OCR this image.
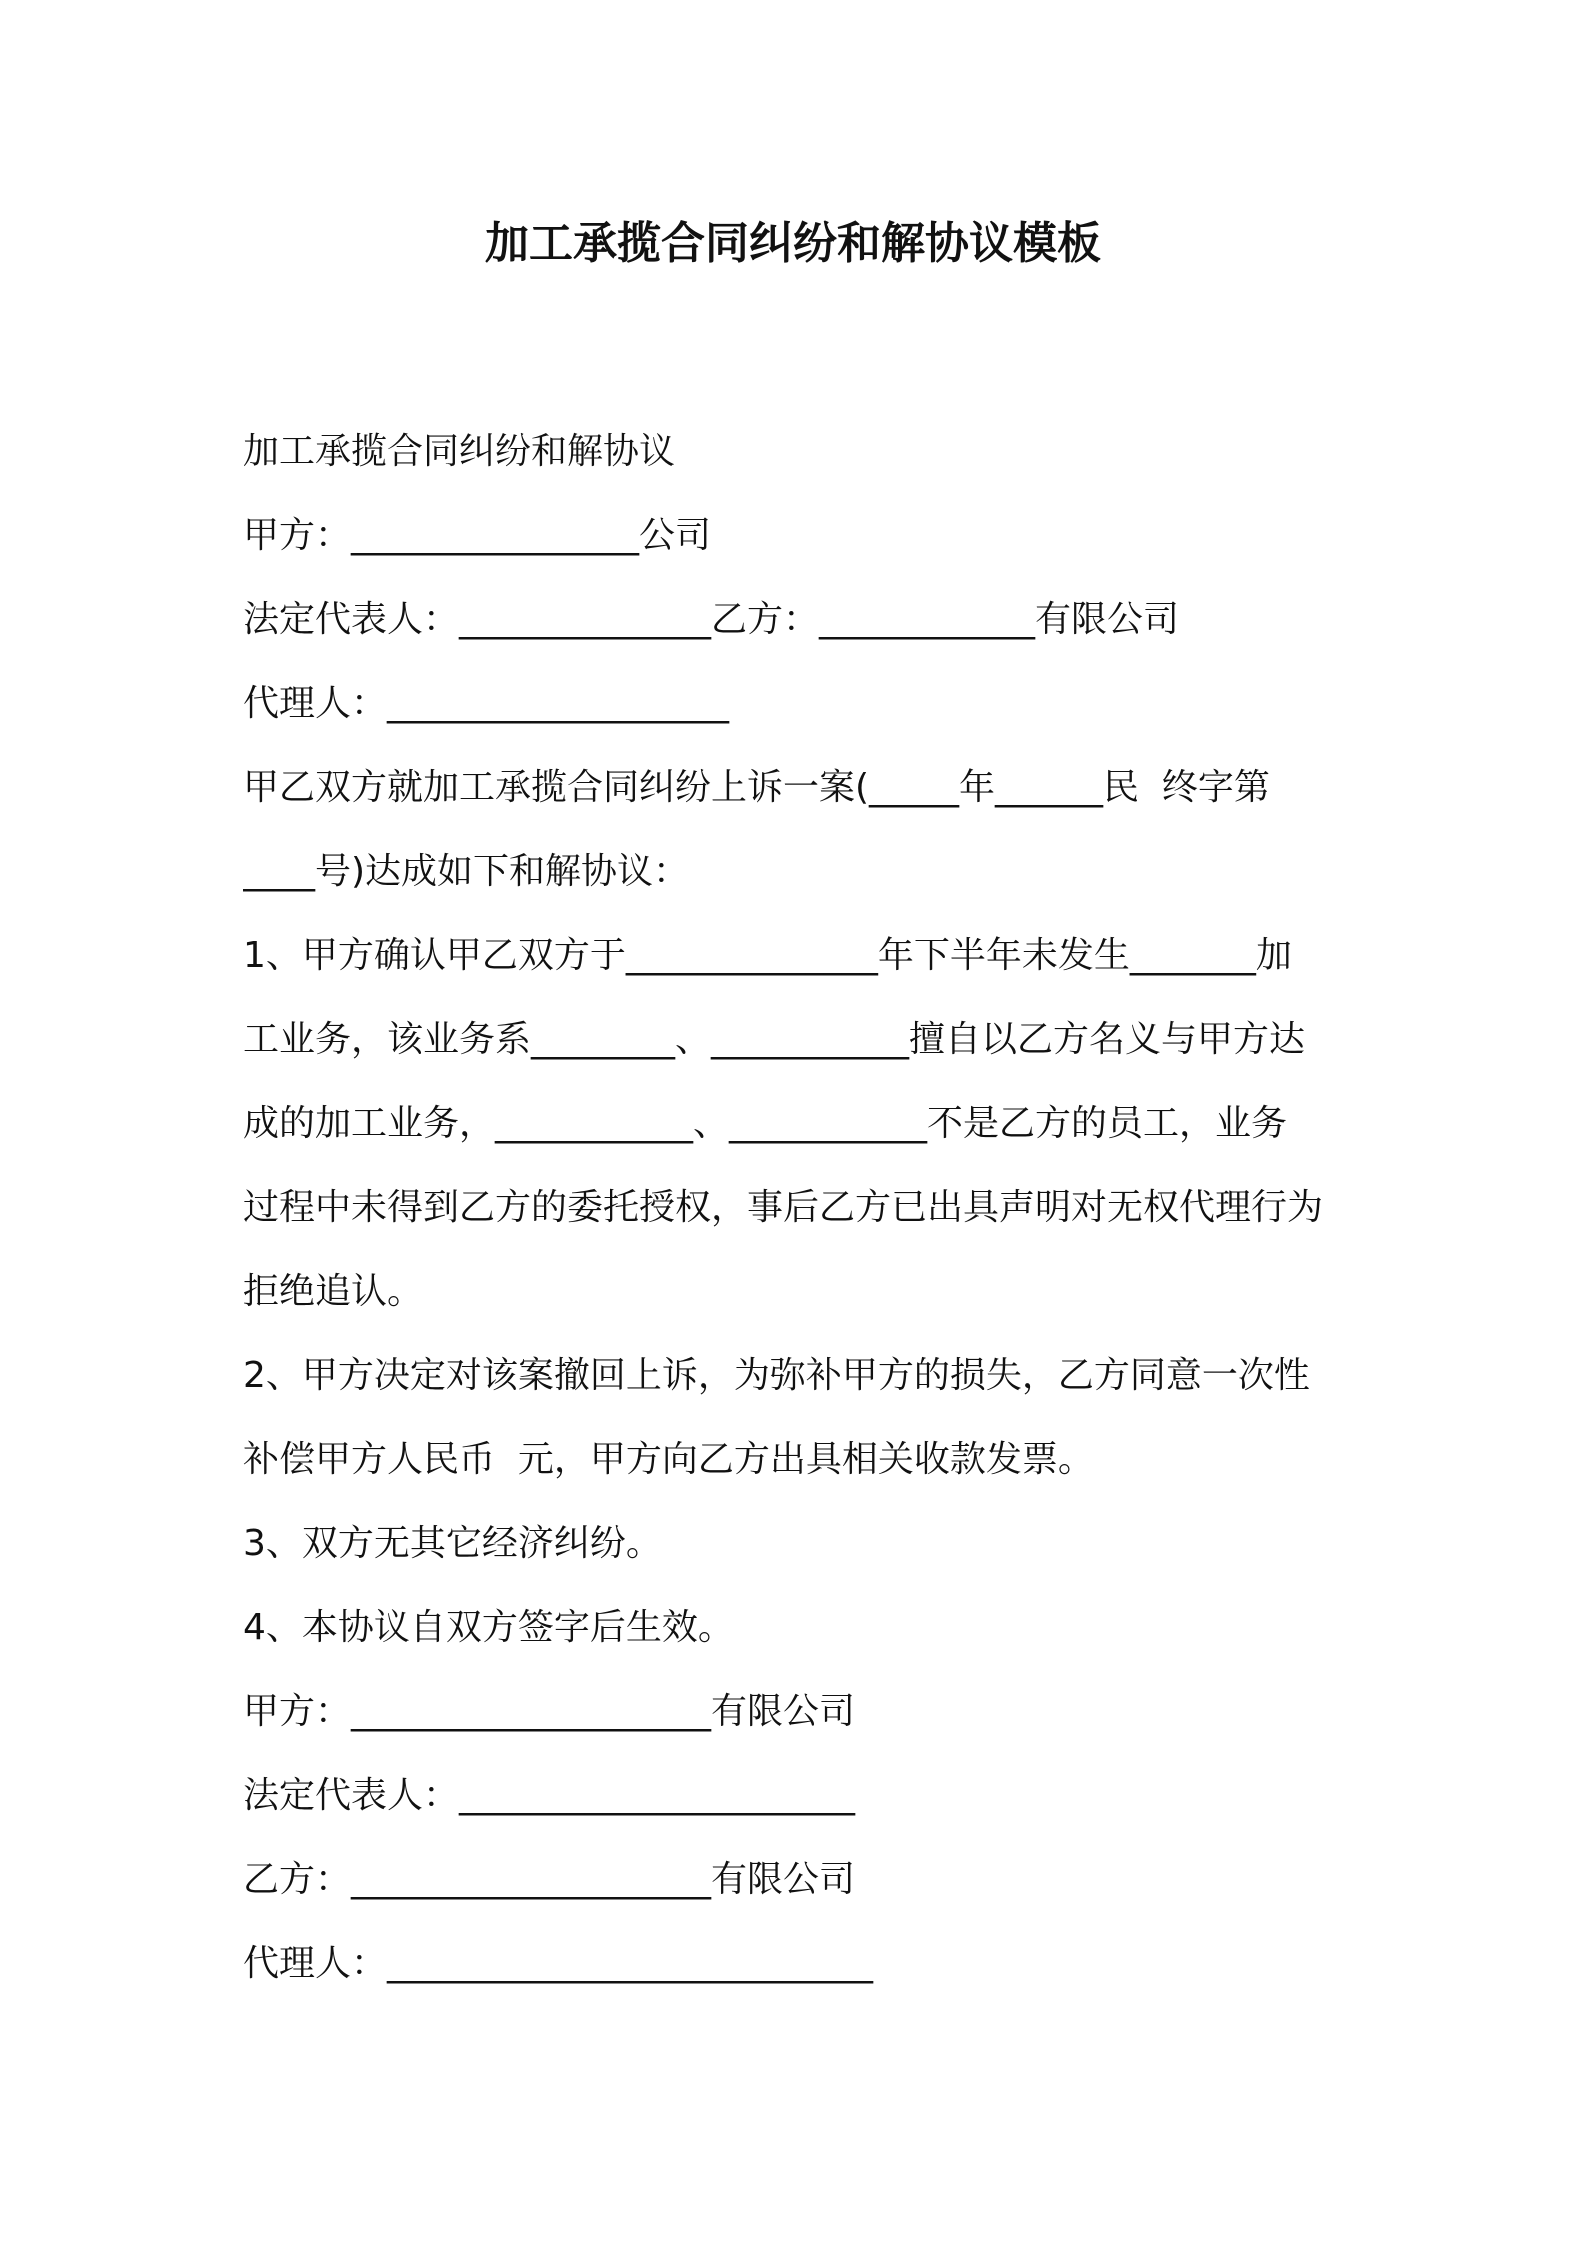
加工承揽合同纠纷和解协议模板
加工承揽合同纠纷和解协议
甲方：________________公司
法定代表人：______________乙方：____________有限公司
代理人：___________________
甲乙双方就加工承揽合同纠纷上诉一案(_____年______民  终字第
____号)达成如下和解协议：
1、甲方确认甲乙双方于______________年下半年未发生_______加
工业务，该业务系________、___________擅自以乙方名义与甲方达
成的加工业务，___________、___________不是乙方的员工，业务
过程中未得到乙方的委托授权，事后乙方已出具声明对无权代理行为
拒绝追认。
2、甲方决定对该案撤回上诉，为弥补甲方的损失，乙方同意一次性
补偿甲方人民币  元，甲方向乙方出具相关收款发票。
3、双方无其它经济纠纷。
4、本协议自双方签字后生效。
甲方：____________________有限公司
法定代表人：______________________
乙方：____________________有限公司
代理人：___________________________
